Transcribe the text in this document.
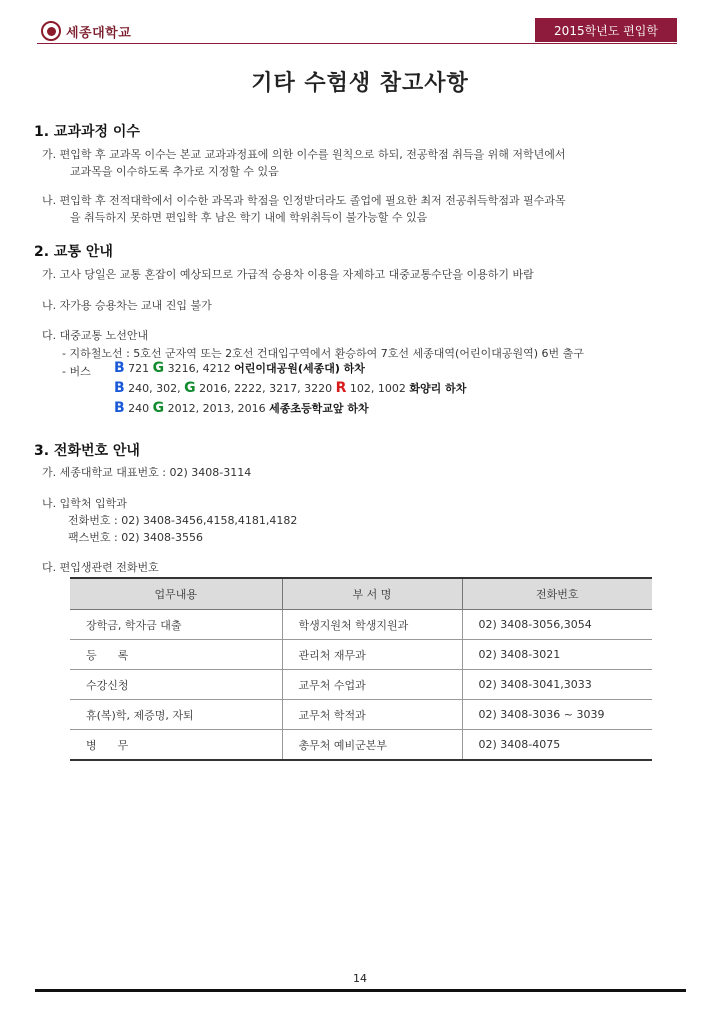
세종대학교	2015학년도 편입학
기타 수험생 참고사항
1. 교과과정 이수
가. 편입학 후 교과목 이수는 본교 교과과정표에 의한 이수를 원칙으로 하되, 전공학점 취득을 위해 저학년에서
교과목을 이수하도록 추가로 지정할 수 있음
나. 편입학 후 전적대학에서 이수한 과목과 학점을 인정받더라도 졸업에 필요한 최저 전공취득학점과 필수과목
을 취득하지 못하면 편입학 후 남은 학기 내에 학위취득이 불가능할 수 있음
2. 교통 안내
가. 고사 당일은 교통 혼잡이 예상되므로 가급적 승용차 이용을 자제하고 대중교통수단을 이용하기 바람
나. 자가용 승용차는 교내 진입 불가
다. 대중교통 노선안내
- 지하철노선 : 5호선 군자역 또는 2호선 건대입구역에서 환승하여 7호선 세종대역(어린이대공원역) 6번 출구
- 버스 B 721 G 3216, 4212 어린이대공원(세종대) 하차
B 240, 302, G 2016, 2222, 3217, 3220 R 102, 1002 화양리 하차
B 240 G 2012, 2013, 2016 세종초등학교앞 하차
3. 전화번호 안내
가. 세종대학교 대표번호 : 02) 3408-3114
나. 입학처 입학과
전화번호 : 02) 3408-3456,4158,4181,4182
팩스번호 : 02) 3408-3556
다. 편입생관련 전화번호
업무내용	부 서 명	전화번호
장학금, 학자금 대출	학생지원처 학생지원과	02) 3408-3056,3054
등      록	관리처 재무과	02) 3408-3021
수강신청	교무처 수업과	02) 3408-3041,3033
휴(복)학, 제증명, 자퇴	교무처 학적과	02) 3408-3036 ~ 3039
병      무	총무처 예비군본부	02) 3408-4075
14
